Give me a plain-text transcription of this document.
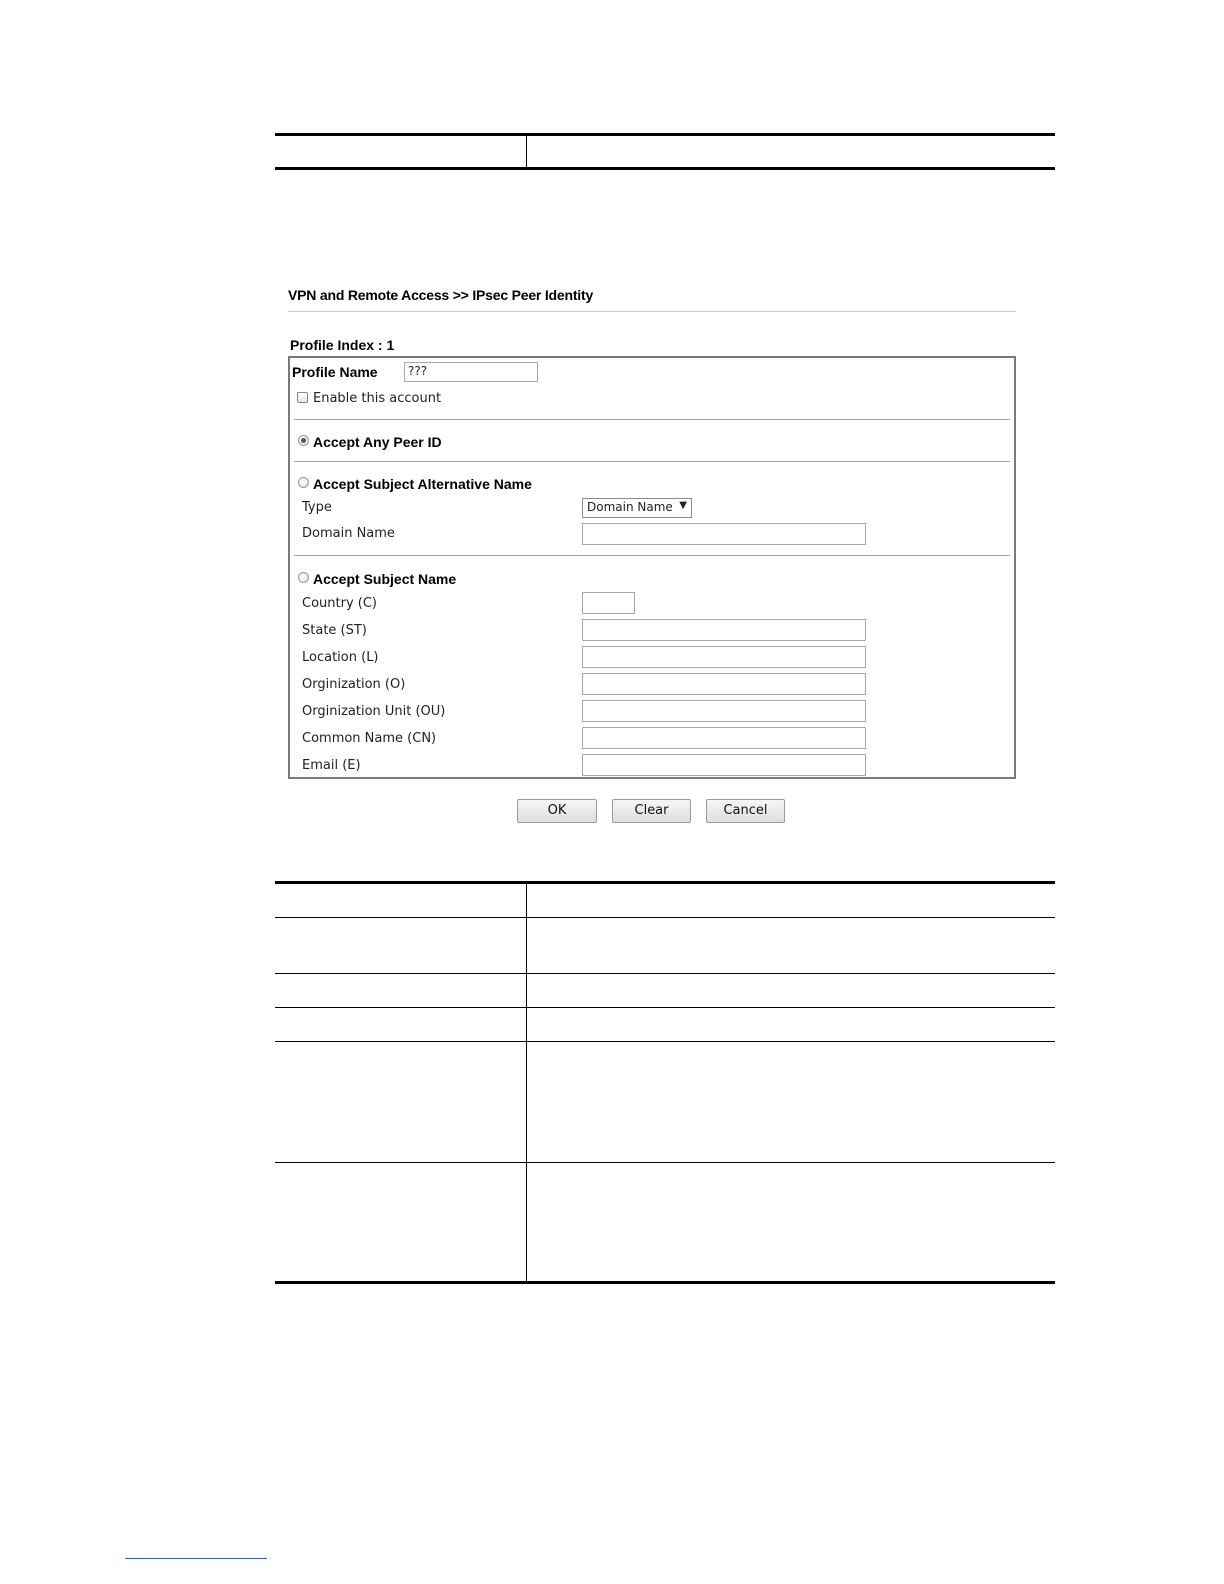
VPN and Remote Access >> IPsec Peer Identity
Profile Index : 1
Profile Name	???
Enable this account
Accept Any Peer ID
Accept Subject Alternative Name
Type	Domain Name ▼
Domain Name
Accept Subject Name
Country (C)
State (ST)
Location (L)
Orginization (O)
Orginization Unit (OU)
Common Name (CN)
Email (E)
OK	Clear	Cancel
